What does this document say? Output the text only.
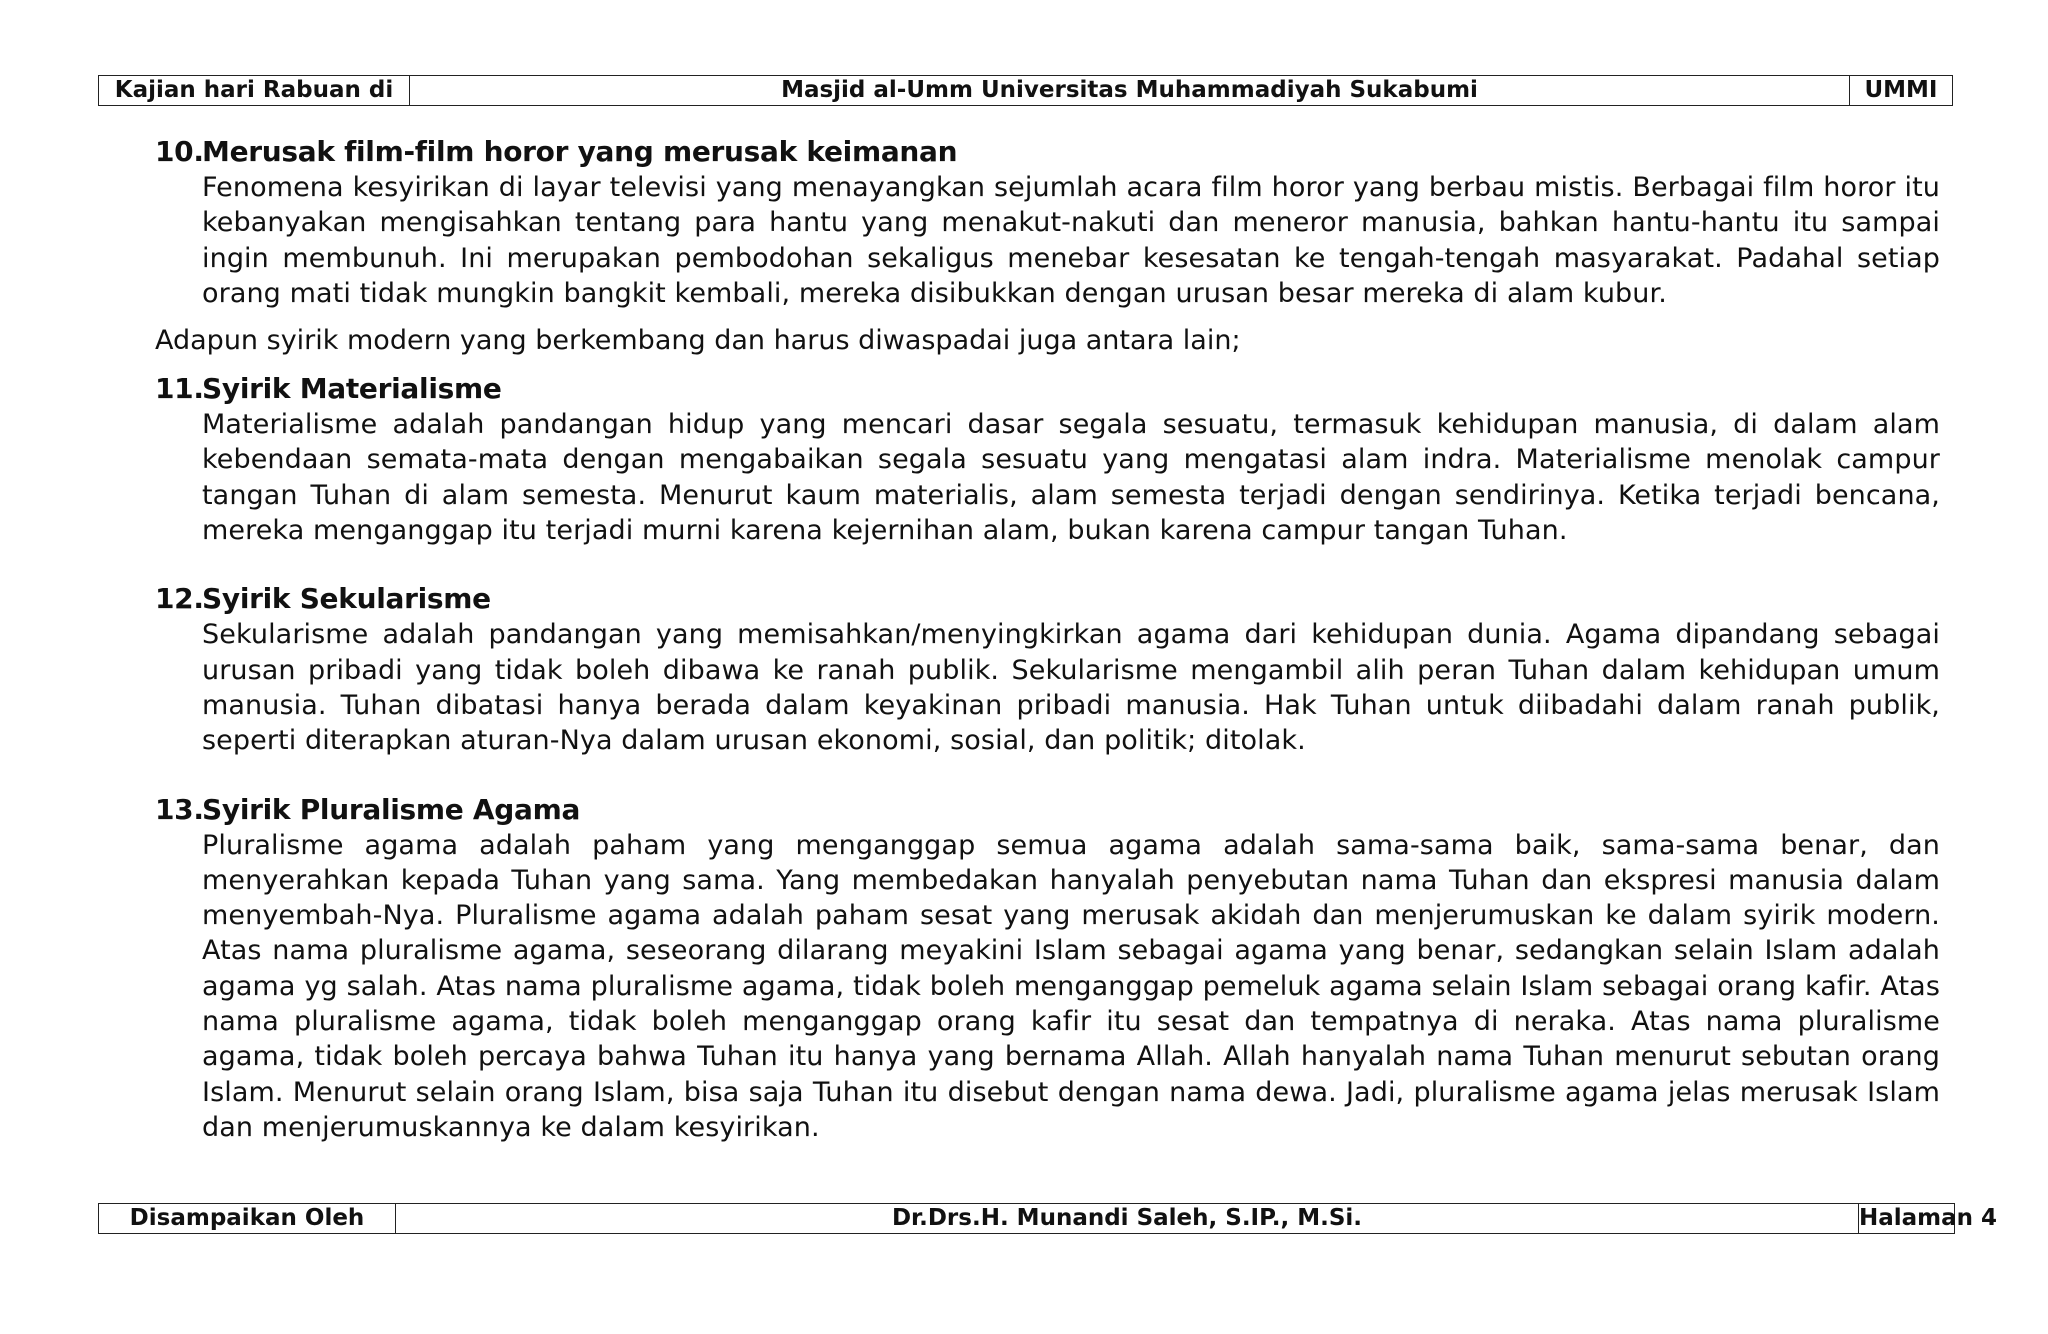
Kajian hari Rabuan di	Masjid al-Umm Universitas Muhammadiyah Sukabumi	UMMI
10.
Merusak film-film horor yang merusak keimanan
Fenomena kesyirikan di layar televisi yang menayangkan sejumlah acara film horor yang berbau mistis. Berbagai film horor itu kebanyakan mengisahkan tentang para hantu yang menakut-nakuti dan meneror manusia, bahkan hantu-hantu itu sampai ingin membunuh. Ini merupakan pembodohan sekaligus menebar kesesatan ke tengah-tengah masyarakat. Padahal setiap orang mati tidak mungkin bangkit kembali, mereka disibukkan dengan urusan besar mereka di alam kubur.
Adapun syirik modern yang berkembang dan harus diwaspadai juga antara lain;
11.
Syirik Materialisme
Materialisme adalah pandangan hidup yang mencari dasar segala sesuatu, termasuk kehidupan manusia, di dalam alam kebendaan semata-mata dengan mengabaikan segala sesuatu yang mengatasi alam indra. Materialisme menolak campur tangan Tuhan di alam semesta. Menurut kaum materialis, alam semesta terjadi dengan sendirinya. Ketika terjadi bencana, mereka menganggap itu terjadi murni karena kejernihan alam, bukan karena campur tangan Tuhan.
12.
Syirik Sekularisme
Sekularisme adalah pandangan yang memisahkan/menyingkirkan agama dari kehidupan dunia. Agama dipandang sebagai urusan pribadi yang tidak boleh dibawa ke ranah publik. Sekularisme mengambil alih peran Tuhan dalam kehidupan umum manusia. Tuhan dibatasi hanya berada dalam keyakinan pribadi manusia. Hak Tuhan untuk diibadahi dalam ranah publik, seperti diterapkan aturan-Nya dalam urusan ekonomi, sosial, dan politik; ditolak.
13.
Syirik Pluralisme Agama
Pluralisme agama adalah paham yang menganggap semua agama adalah sama-sama baik, sama-sama benar, dan menyerahkan kepada Tuhan yang sama. Yang membedakan hanyalah penyebutan nama Tuhan dan ekspresi manusia dalam menyembah-Nya. Pluralisme agama adalah paham sesat yang merusak akidah dan menjerumuskan ke dalam syirik modern. Atas nama pluralisme agama, seseorang dilarang meyakini Islam sebagai agama yang benar, sedangkan selain Islam adalah agama yg salah. Atas nama pluralisme agama, tidak boleh menganggap pemeluk agama selain Islam sebagai orang kafir. Atas nama pluralisme agama, tidak boleh menganggap orang kafir itu sesat dan tempatnya di neraka. Atas nama pluralisme agama, tidak boleh percaya bahwa Tuhan itu hanya yang bernama Allah. Allah hanyalah nama Tuhan menurut sebutan orang Islam. Menurut selain orang Islam, bisa saja Tuhan itu disebut dengan nama dewa. Jadi, pluralisme agama jelas merusak Islam dan menjerumuskannya ke dalam kesyirikan.
Disampaikan Oleh	Dr.Drs.H. Munandi Saleh, S.IP., M.Si.	Halaman 4
